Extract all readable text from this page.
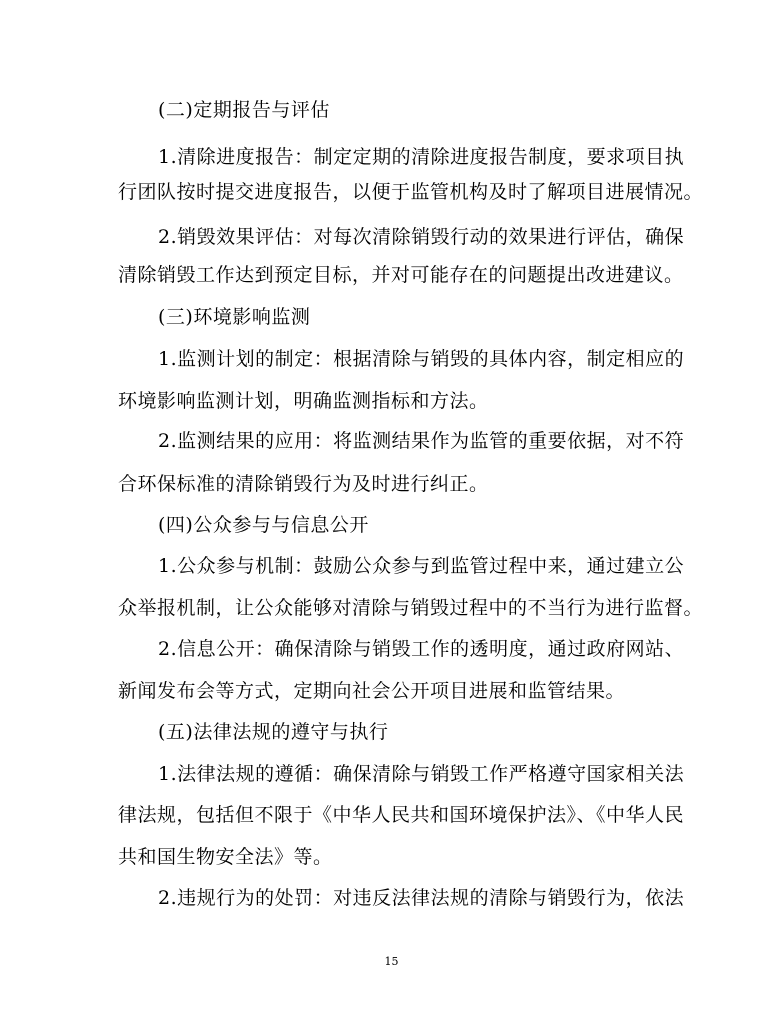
(二)定期报告与评估
1.清除进度报告：制定定期的清除进度报告制度，要求项目执
行团队按时提交进度报告，以便于监管机构及时了解项目进展情况。
2.销毁效果评估：对每次清除销毁行动的效果进行评估，确保
清除销毁工作达到预定目标，并对可能存在的问题提出改进建议。
(三)环境影响监测
1.监测计划的制定：根据清除与销毁的具体内容，制定相应的
环境影响监测计划，明确监测指标和方法。
2.监测结果的应用：将监测结果作为监管的重要依据，对不符
合环保标准的清除销毁行为及时进行纠正。
(四)公众参与与信息公开
1.公众参与机制：鼓励公众参与到监管过程中来，通过建立公
众举报机制，让公众能够对清除与销毁过程中的不当行为进行监督。
2.信息公开：确保清除与销毁工作的透明度，通过政府网站、
新闻发布会等方式，定期向社会公开项目进展和监管结果。
(五)法律法规的遵守与执行
1.法律法规的遵循：确保清除与销毁工作严格遵守国家相关法
律法规，包括但不限于《中华人民共和国环境保护法》、《中华人民
共和国生物安全法》等。
2.违规行为的处罚：对违反法律法规的清除与销毁行为，依法
15
